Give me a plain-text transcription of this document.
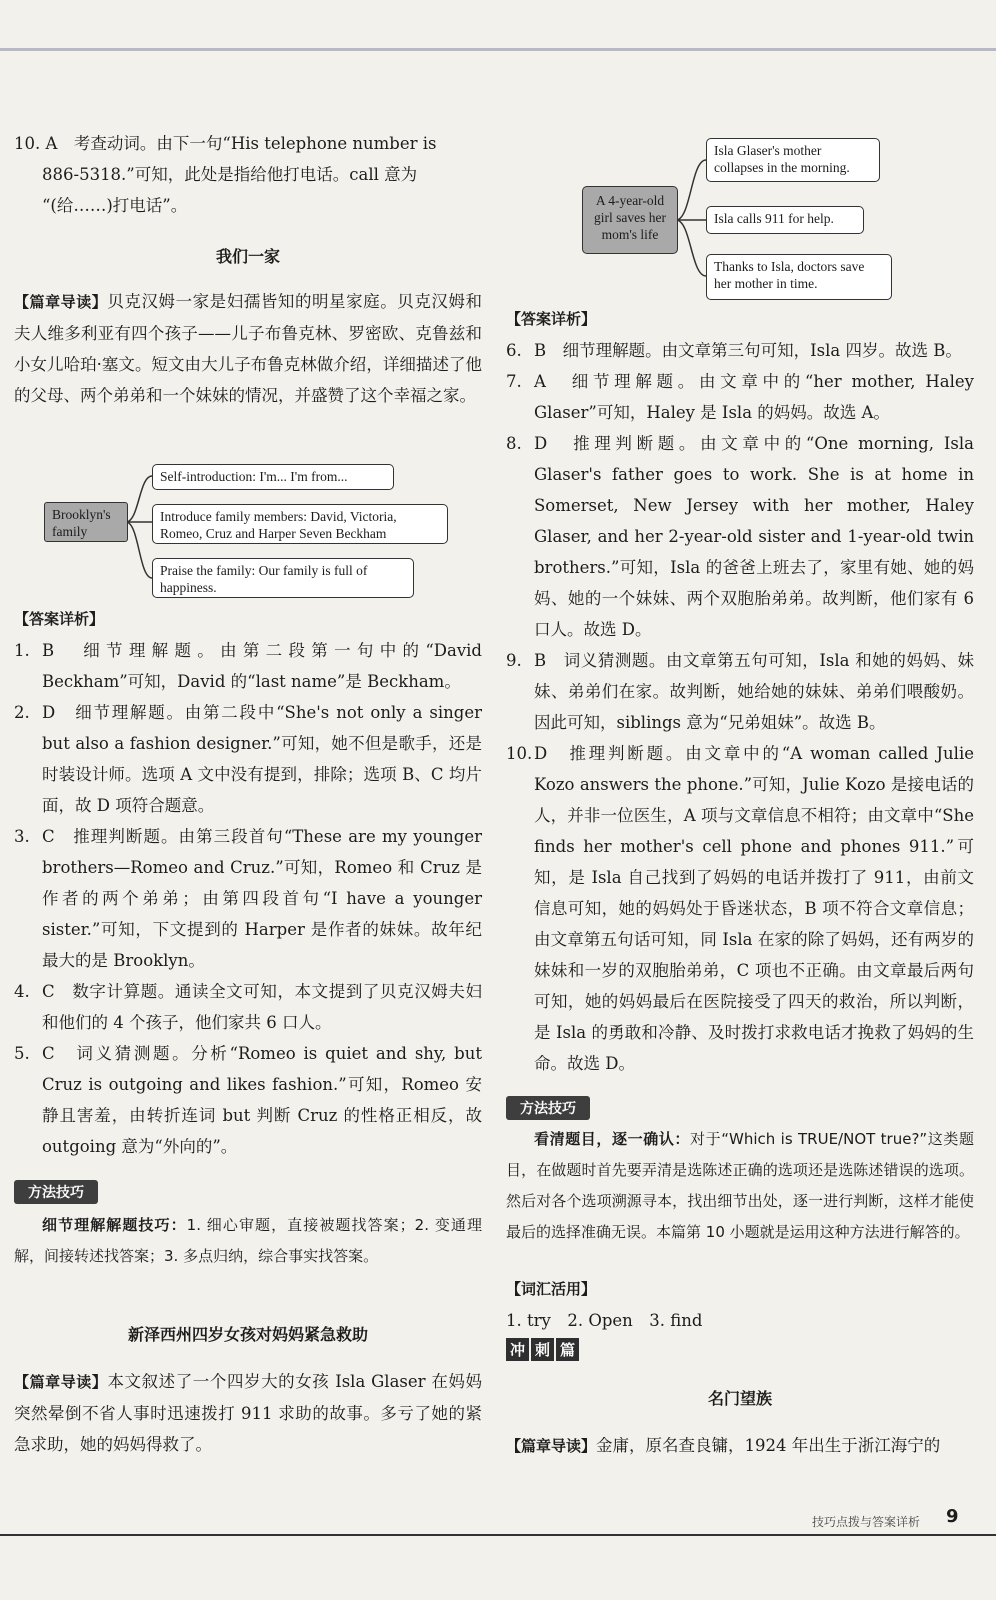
10. A　考查动词。由下一句“His telephone number is

886-5318.”可知，此处是指给他打电话。call 意为

“(给……)打电话”。

我们一家

【篇章导读】贝克汉姆一家是妇孺皆知的明星家庭。贝克汉姆和夫人维多利亚有四个孩子——儿子布鲁克林、罗密欧、克鲁兹和小女儿哈珀·塞文。短文由大儿子布鲁克林做介绍，详细描述了他的父母、两个弟弟和一个妹妹的情况，并盛赞了这个幸福之家。

Brooklyn's family
Self-introduction: I'm... I'm from...
Introduce family members: David, Victoria, Romeo, Cruz and Harper Seven Beckham
Praise the family: Our family is full of happiness.

【答案详析】

1. B　细节理解题。由第二段第一句中的“David Beckham”可知，David 的“last name”是 Beckham。

2. D　细节理解题。由第二段中“She's not only a singer but also a fashion designer.”可知，她不但是歌手，还是时装设计师。选项 A 文中没有提到，排除；选项 B、C 均片面，故 D 项符合题意。

3. C　推理判断题。由第三段首句“These are my younger brothers—Romeo and Cruz.”可知，Romeo 和 Cruz 是作者的两个弟弟；由第四段首句“I have a younger sister.”可知，下文提到的 Harper 是作者的妹妹。故年纪最大的是 Brooklyn。

4. C　数字计算题。通读全文可知，本文提到了贝克汉姆夫妇和他们的 4 个孩子，他们家共 6 口人。

5. C　词义猜测题。分析“Romeo is quiet and shy, but Cruz is outgoing and likes fashion.”可知，Romeo 安静且害羞，由转折连词 but 判断 Cruz 的性格正相反，故 outgoing 意为“外向的”。

方法技巧

细节理解解题技巧：1. 细心审题，直接被题找答案；2. 变通理解，间接转述找答案；3. 多点归纳，综合事实找答案。

新泽西州四岁女孩对妈妈紧急救助

【篇章导读】本文叙述了一个四岁大的女孩 Isla Glaser 在妈妈突然晕倒不省人事时迅速拨打 911 求助的故事。多亏了她的紧急求助，她的妈妈得救了。

A 4-year-old girl saves her mom's life
Isla Glaser's mother collapses in the morning.
Isla calls 911 for help.
Thanks to Isla, doctors save her mother in time.

【答案详析】

6. B　细节理解题。由文章第三句可知，Isla 四岁。故选 B。

7. A　细节理解题。由文章中的“her mother, Haley Glaser”可知，Haley 是 Isla 的妈妈。故选 A。

8. D　推理判断题。由文章中的“One morning, Isla Glaser's father goes to work. She is at home in Somerset, New Jersey with her mother, Haley Glaser, and her 2-year-old sister and 1-year-old twin brothers.”可知，Isla 的爸爸上班去了，家里有她、她的妈妈、她的一个妹妹、两个双胞胎弟弟。故判断，他们家有 6 口人。故选 D。

9. B　词义猜测题。由文章第五句可知，Isla 和她的妈妈、妹妹、弟弟们在家。故判断，她给她的妹妹、弟弟们喂酸奶。因此可知，siblings 意为“兄弟姐妹”。故选 B。

10. D　推理判断题。由文章中的“A woman called Julie Kozo answers the phone.”可知，Julie Kozo 是接电话的人，并非一位医生，A 项与文章信息不相符；由文章中“She finds her mother's cell phone and phones 911.”可知，是 Isla 自己找到了妈妈的电话并拨打了 911，由前文信息可知，她的妈妈处于昏迷状态，B 项不符合文章信息；由文章第五句话可知，同 Isla 在家的除了妈妈，还有两岁的妹妹和一岁的双胞胎弟弟，C 项也不正确。由文章最后两句可知，她的妈妈最后在医院接受了四天的救治，所以判断，是 Isla 的勇敢和冷静、及时拨打求救电话才挽救了妈妈的生命。故选 D。

方法技巧

看清题目，逐一确认：对于“Which is TRUE/NOT true?”这类题目，在做题时首先要弄清是选陈述正确的选项还是选陈述错误的选项。然后对各个选项溯源寻本，找出细节出处，逐一进行判断，这样才能使最后的选择准确无误。本篇第 10 小题就是运用这种方法进行解答的。

【词汇活用】

1. try　2. Open　3. find

冲 刺 篇
名门望族

【篇章导读】金庸，原名查良镛，1924 年出生于浙江海宁的

技巧点拨与答案详析 9
